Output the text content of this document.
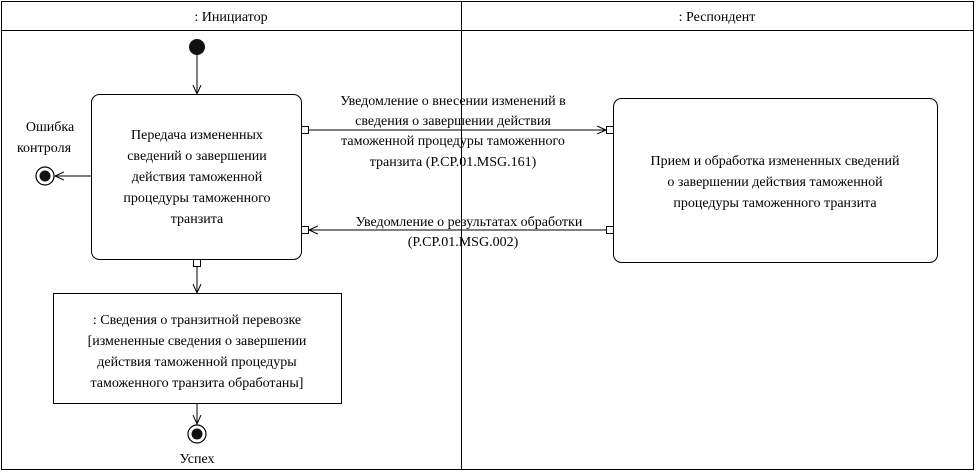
: Инициатор	: Респондент
Передача измененных
сведений о завершении
действия таможенной
процедуры таможенного
транзита
Прием и обработка измененных сведений
о завершении действия таможенной
процедуры таможенного транзита
Уведомление о внесении изменений в
сведения о завершении действия
таможенной процедуры таможенного
транзита (P.CP.01.MSG.161)
Уведомление о результатах обработки
(P.CP.01.MSG.002)
Ошибка
контроля
: Сведения о транзитной перевозке
[измененные сведения о завершении
действия таможенной процедуры
таможенного транзита обработаны]
Успех
